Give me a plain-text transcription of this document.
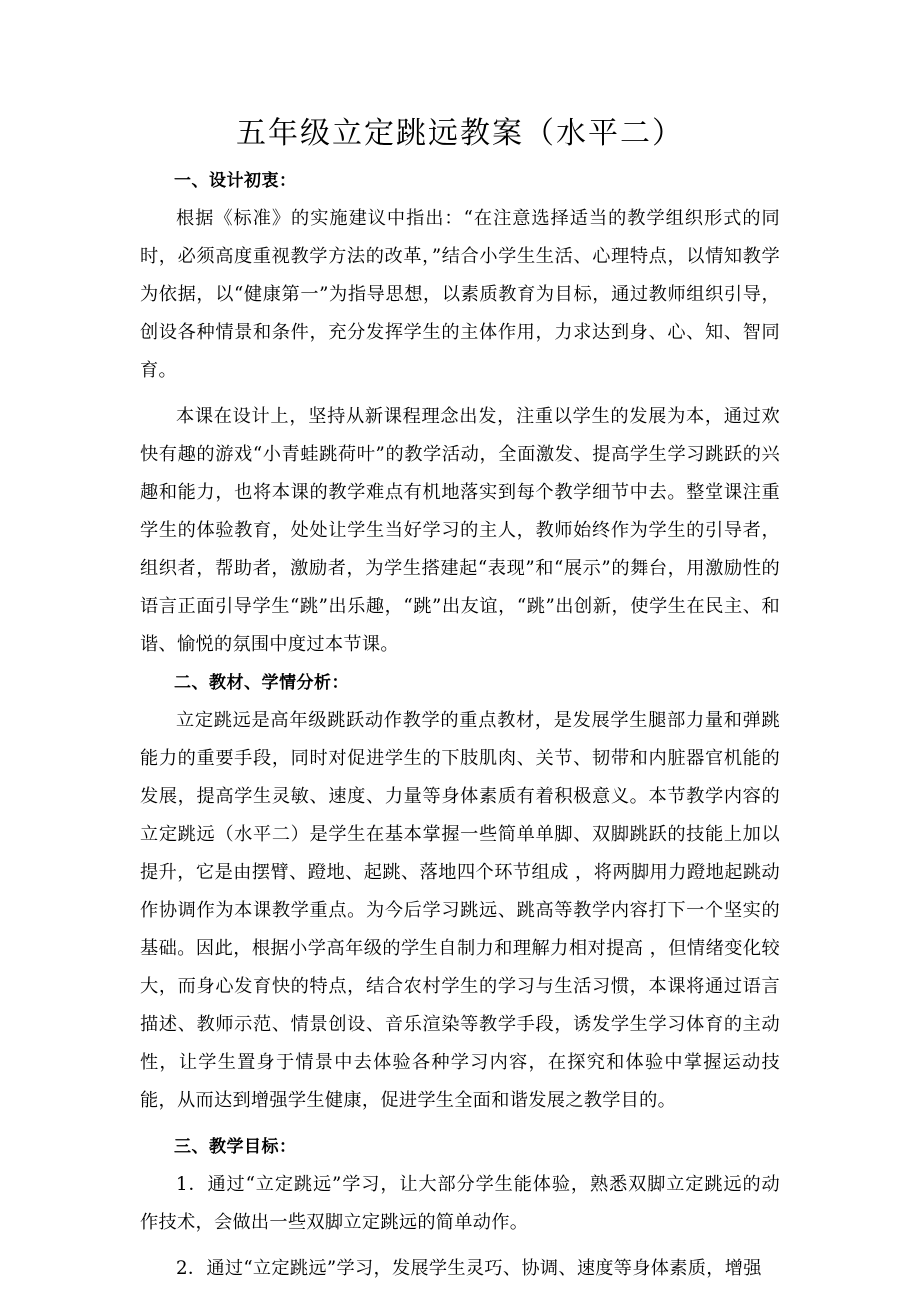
五年级立定跳远教案（水平二）

一、设计初衷：

根据《标准》的实施建议中指出：“在注意选择适当的教学组织形式的同时，必须高度重视教学方法的改革，”结合小学生生活、心理特点，以情知教学为依据，以“健康第一”为指导思想，以素质教育为目标，通过教师组织引导，创设各种情景和条件，充分发挥学生的主体作用，力求达到身、心、知、智同育。

本课在设计上，坚持从新课程理念出发，注重以学生的发展为本，通过欢快有趣的游戏“小青蛙跳荷叶”的教学活动，全面激发、提高学生学习跳跃的兴趣和能力，也将本课的教学难点有机地落实到每个教学细节中去。整堂课注重学生的体验教育，处处让学生当好学习的主人，教师始终作为学生的引导者，组织者，帮助者，激励者，为学生搭建起“表现”和“展示”的舞台，用激励性的语言正面引导学生“跳”出乐趣，“跳”出友谊，“跳”出创新，使学生在民主、和谐、愉悦的氛围中度过本节课。

二、教材、学情分析：

立定跳远是高年级跳跃动作教学的重点教材，是发展学生腿部力量和弹跳能力的重要手段，同时对促进学生的下肢肌肉、关节、韧带和内脏器官机能的发展，提高学生灵敏、速度、力量等身体素质有着积极意义。本节教学内容的立定跳远（水平二）是学生在基本掌握一些简单单脚、双脚跳跃的技能上加以提升，它是由摆臂、蹬地、起跳、落地四个环节组成 ，将两脚用力蹬地起跳动作协调作为本课教学重点。为今后学习跳远、跳高等教学内容打下一个坚实的基础。因此，根据小学高年级的学生自制力和理解力相对提高 ，但情绪变化较大，而身心发育快的特点，结合农村学生的学习与生活习惯，本课将通过语言描述、教师示范、情景创设、音乐渲染等教学手段，诱发学生学习体育的主动性，让学生置身于情景中去体验各种学习内容，在探究和体验中掌握运动技能，从而达到增强学生健康，促进学生全面和谐发展之教学目的。

三、教学目标：

1．通过“立定跳远”学习，让大部分学生能体验，熟悉双脚立定跳远的动作技术，会做出一些双脚立定跳远的简单动作。

2．通过“立定跳远”学习，发展学生灵巧、协调、速度等身体素质，增强
